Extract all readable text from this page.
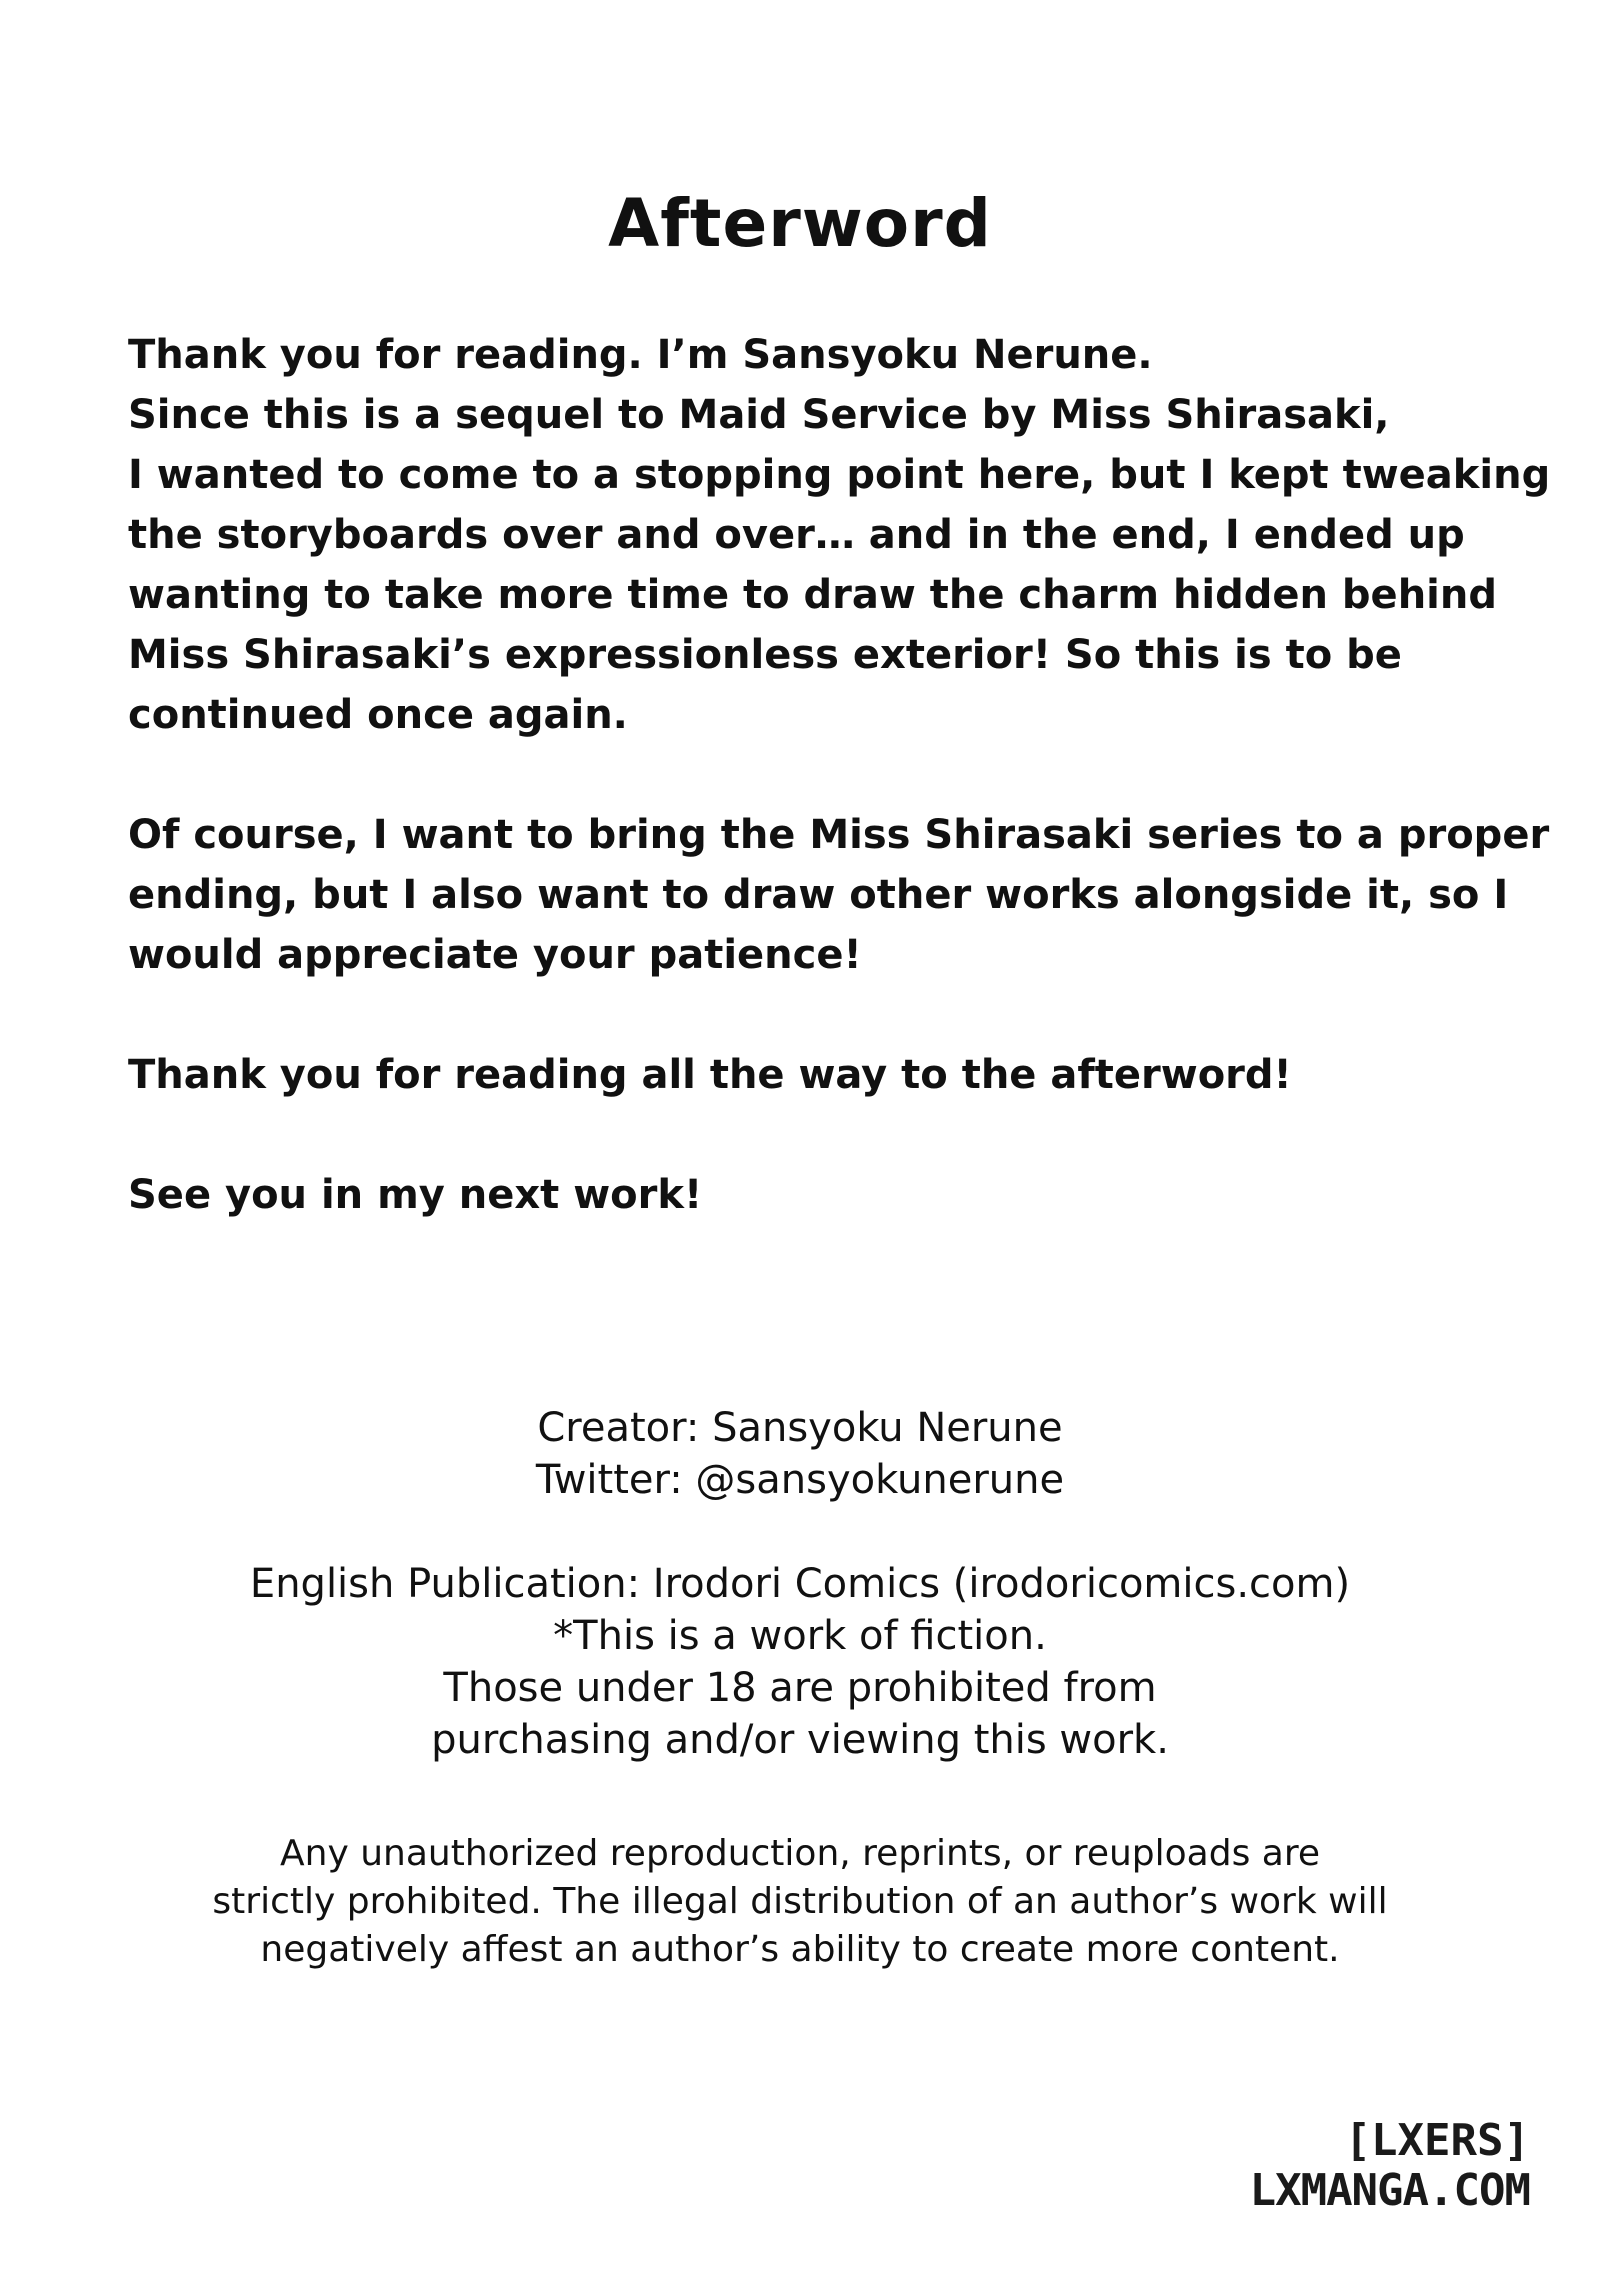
Afterword
Thank you for reading. I’m Sansyoku Nerune.
Since this is a sequel to Maid Service by Miss Shirasaki,
I wanted to come to a stopping point here, but I kept tweaking
the storyboards over and over… and in the end, I ended up
wanting to take more time to draw the charm hidden behind
Miss Shirasaki’s expressionless exterior! So this is to be
continued once again.
Of course, I want to bring the Miss Shirasaki series to a proper
ending, but I also want to draw other works alongside it, so I
would appreciate your patience!
Thank you for reading all the way to the afterword!
See you in my next work!
Creator: Sansyoku Nerune
Twitter: @sansyokunerune
English Publication: Irodori Comics (irodoricomics.com)
*This is a work of fiction.
Those under 18 are prohibited from
purchasing and/or viewing this work.
Any unauthorized reproduction, reprints, or reuploads are
strictly prohibited. The illegal distribution of an author’s work will
negatively affest an author’s ability to create more content.
[LXERS]
LXMANGA.COM
